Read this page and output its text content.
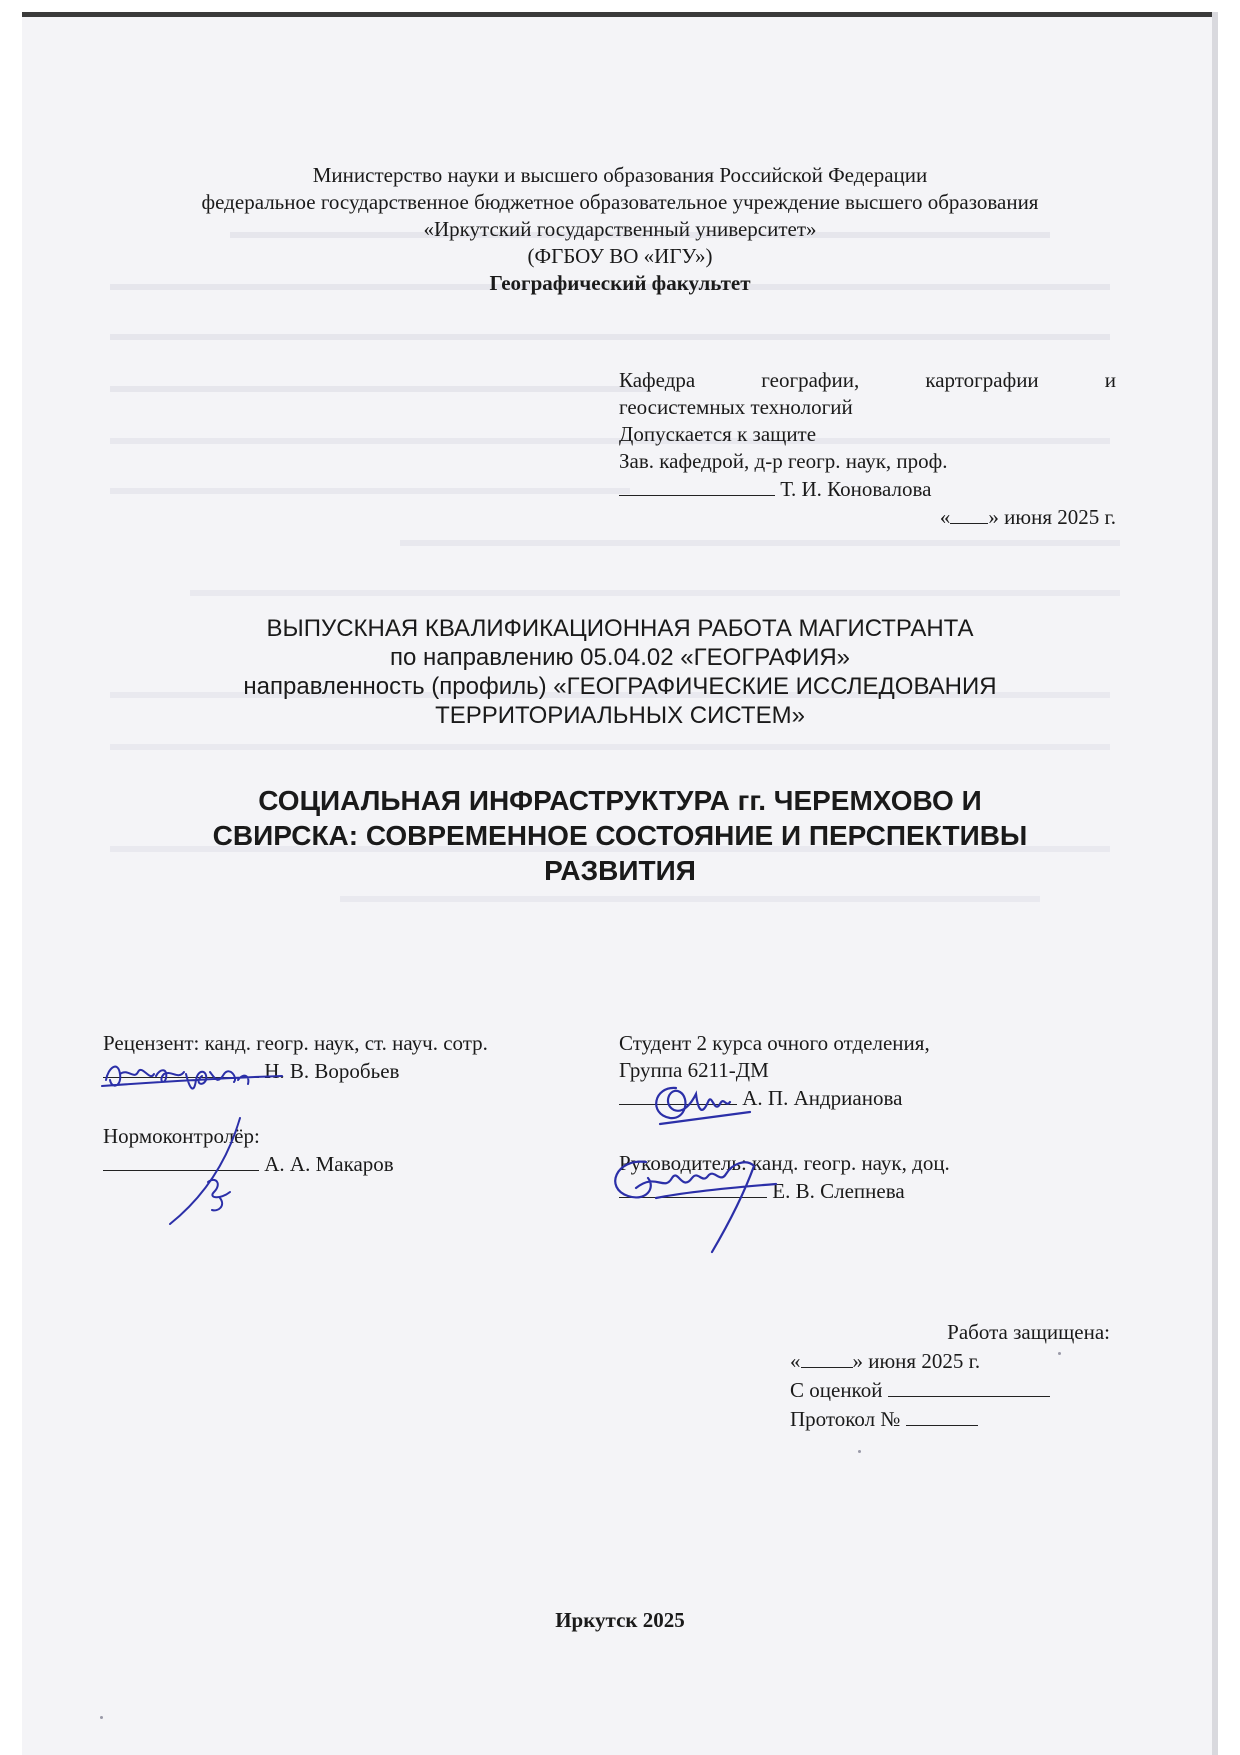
Министерство науки и высшего образования Российской Федерации
федеральное государственное бюджетное образовательное учреждение высшего образования
«Иркутский государственный университет»
(ФГБОУ ВО «ИГУ»)
Географический факультет
Кафедра географии, картографии и
геосистемных технологий
Допускается к защите
Зав. кафедрой, д-р геогр. наук, проф.
Т. И. Коновалова
« » июня 2025 г.
ВЫПУСКНАЯ КВАЛИФИКАЦИОННАЯ РАБОТА МАГИСТРАНТА
по направлению 05.04.02 «ГЕОГРАФИЯ»
направленность (профиль) «ГЕОГРАФИЧЕСКИЕ ИССЛЕДОВАНИЯ
ТЕРРИТОРИАЛЬНЫХ СИСТЕМ»
СОЦИАЛЬНАЯ ИНФРАСТРУКТУРА гг. ЧЕРЕМХОВО И
СВИРСКА: СОВРЕМЕННОЕ СОСТОЯНИЕ И ПЕРСПЕКТИВЫ
РАЗВИТИЯ
Рецензент: канд. геогр. наук, ст. науч. сотр.
Н. В. Воробьев
Нормоконтролёр:
А. А. Макаров
Студент 2 курса очного отделения,
Группа 6211-ДМ
А. П. Андрианова
Руководитель: канд. геогр. наук, доц.
Е. В. Слепнева
Работа защищена:
« » июня 2025 г.
С оценкой
Протокол №
Иркутск 2025
